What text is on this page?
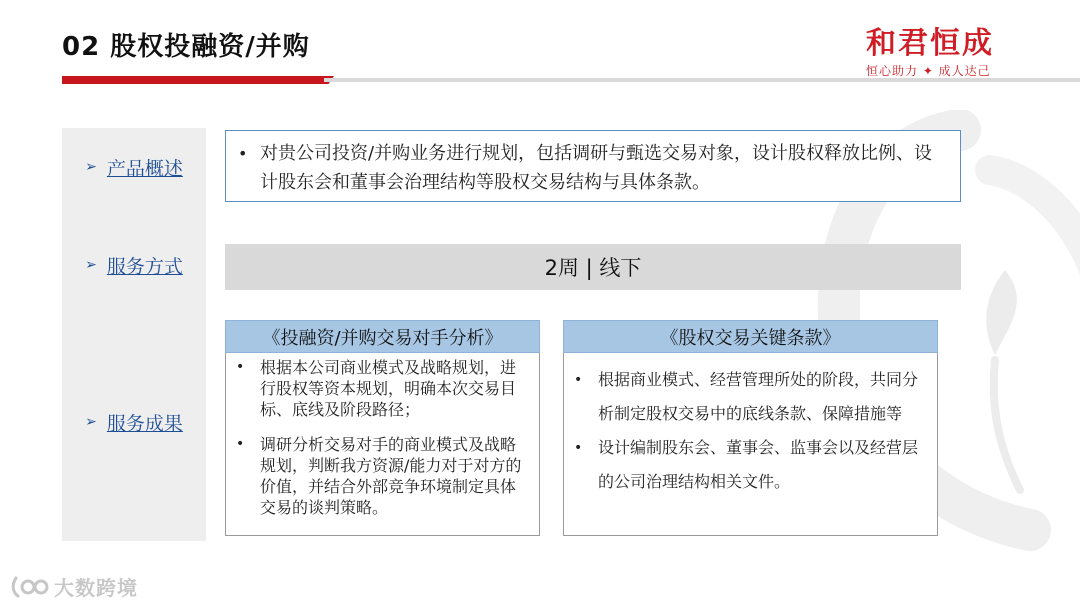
02 股权投融资/并购	和君恒成
恒心助力 ✦ 成人达己
➢ 产品概述
➢ 服务方式
➢ 服务成果
• 对贵公司投资/并购业务进行规划，包括调研与甄选交易对象，设计股权释放比例、设计股东会和董事会治理结构等股权交易结构与具体条款。
2周 | 线下
《投融资/并购交易对手分析》
• 根据本公司商业模式及战略规划，进行股权等资本规划，明确本次交易目标、底线及阶段路径；
• 调研分析交易对手的商业模式及战略规划，判断我方资源/能力对于对方的价值，并结合外部竞争环境制定具体交易的谈判策略。
《股权交易关键条款》
• 根据商业模式、经营管理所处的阶段，共同分析制定股权交易中的底线条款、保障措施等
• 设计编制股东会、董事会、监事会以及经营层的公司治理结构相关文件。
大数跨境
